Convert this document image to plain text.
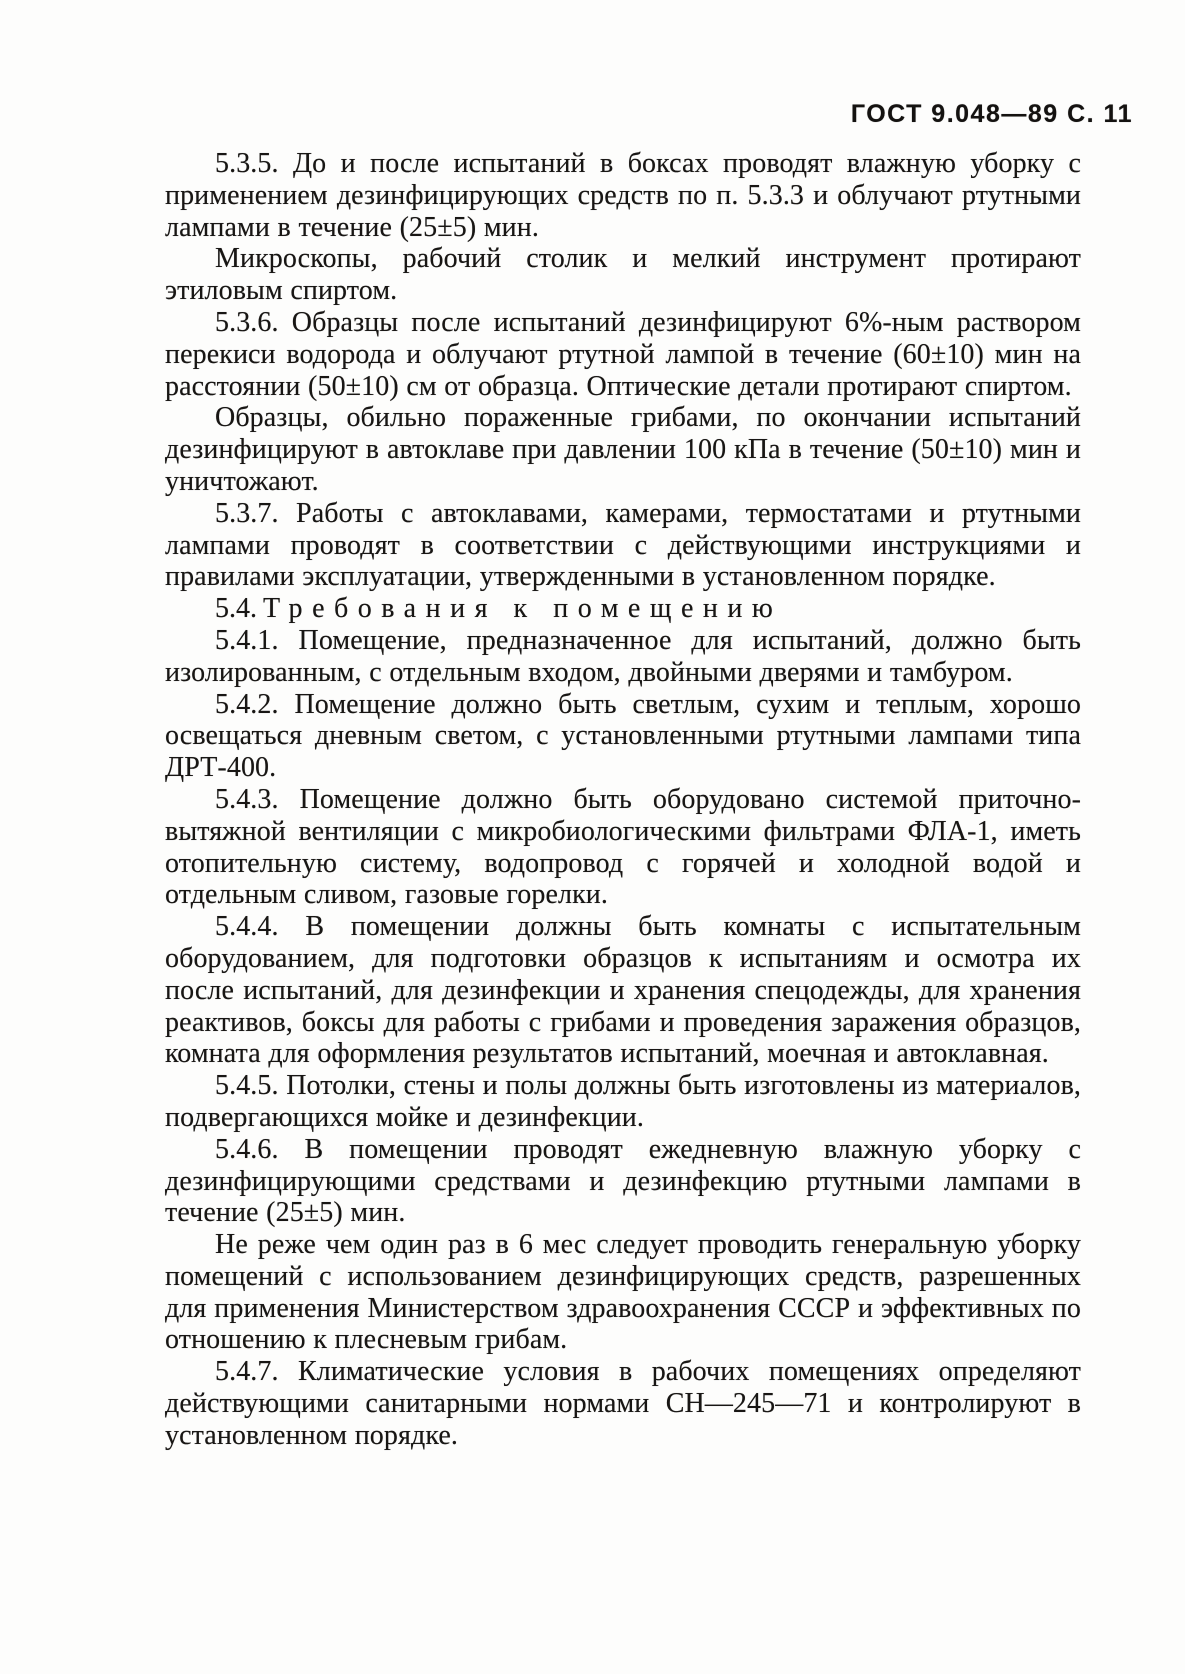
ГОСТ 9.048—89 С. 11

5.3.5. До и после испытаний в боксах проводят влажную уборку с применением дезинфицирующих средств по п. 5.3.3 и облучают ртутными лампами в течение (25±5) мин.

Микроскопы, рабочий столик и мелкий инструмент протирают этиловым спиртом.

5.3.6. Образцы после испытаний дезинфицируют 6%-ным раствором перекиси водорода и облучают ртутной лампой в течение (60±10) мин на расстоянии (50±10) см от образца. Оптические детали протирают спиртом.

Образцы, обильно пораженные грибами, по окончании испытаний дезинфицируют в автоклаве при давлении 100 кПа в течение (50±10) мин и уничтожают.

5.3.7. Работы с автоклавами, камерами, термостатами и ртутными лампами проводят в соответствии с действующими инструкциями и правилами эксплуатации, утвержденными в установленном порядке.

5.4. Требования к помещению

5.4.1. Помещение, предназначенное для испытаний, должно быть изолированным, с отдельным входом, двойными дверями и тамбуром.

5.4.2. Помещение должно быть светлым, сухим и теплым, хорошо освещаться дневным светом, с установленными ртутными лампами типа ДРТ-400.

5.4.3. Помещение должно быть оборудовано системой приточно-вытяжной вентиляции с микробиологическими фильтрами ФЛА-1, иметь отопительную систему, водопровод с горячей и холодной водой и отдельным сливом, газовые горелки.

5.4.4. В помещении должны быть комнаты с испытательным оборудованием, для подготовки образцов к испытаниям и осмотра их после испытаний, для дезинфекции и хранения спецодежды, для хранения реактивов, боксы для работы с грибами и проведения заражения образцов, комната для оформления результатов испытаний, моечная и автоклавная.

5.4.5. Потолки, стены и полы должны быть изготовлены из материалов, подвергающихся мойке и дезинфекции.

5.4.6. В помещении проводят ежедневную влажную уборку с дезинфицирующими средствами и дезинфекцию ртутными лампами в течение (25±5) мин.

Не реже чем один раз в 6 мес следует проводить генеральную уборку помещений с использованием дезинфицирующих средств, разрешенных для применения Министерством здравоохранения СССР и эффективных по отношению к плесневым грибам.

5.4.7. Климатические условия в рабочих помещениях определяют действующими санитарными нормами СН—245—71 и контролируют в установленном порядке.
